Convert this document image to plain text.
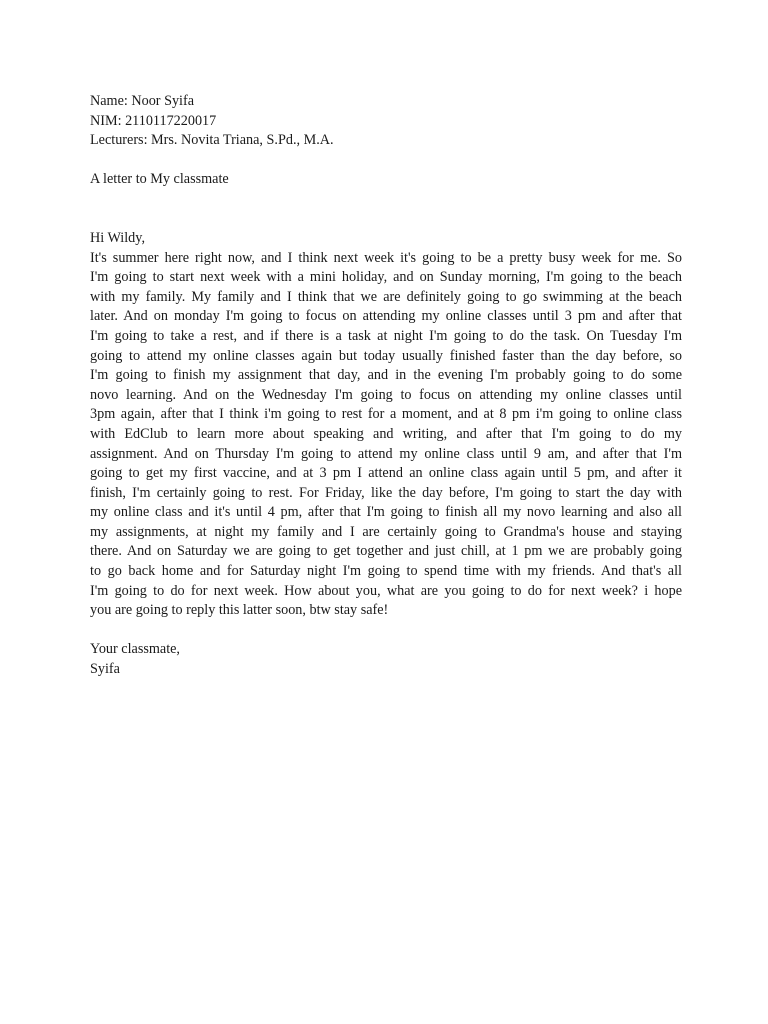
Name: Noor Syifa
NIM: 2110117220017
Lecturers: Mrs. Novita Triana, S.Pd., M.A.
A letter to My classmate
Hi Wildy,
It's summer here right now, and I think next week it's going to be a pretty busy week for me. So
I'm going to start next week with a mini holiday, and on Sunday morning, I'm going to the beach
with my family. My family and I think that we are definitely going to go swimming at the beach
later. And on monday I'm going to focus on attending my online classes until 3 pm and after that
I'm going to take a rest, and if there is a task at night I'm going to do the task. On Tuesday I'm
going to attend my online classes again but today usually finished faster than the day before, so
I'm going to finish my assignment that day, and in the evening I'm probably going to do some
novo learning. And on the Wednesday I'm going to focus on attending my online classes until
3pm again, after that I think i'm going to rest for a moment, and at 8 pm i'm going to online class
with EdClub to learn more about speaking and writing, and after that I'm going to do my
assignment. And on Thursday I'm going to attend my online class until 9 am, and after that I'm
going to get my first vaccine, and at 3 pm I attend an online class again until 5 pm, and after it
finish, I'm certainly going to rest. For Friday, like the day before, I'm going to start the day with
my online class and it's until 4 pm, after that I'm going to finish all my novo learning and also all
my assignments, at night my family and I are certainly going to Grandma's house and staying
there. And on Saturday we are going to get together and just chill, at 1 pm we are probably going
to go back home and for Saturday night I'm going to spend time with my friends. And that's all
I'm going to do for next week. How about you, what are you going to do for next week? i hope
you are going to reply this latter soon, btw stay safe!
Your classmate,
Syifa
